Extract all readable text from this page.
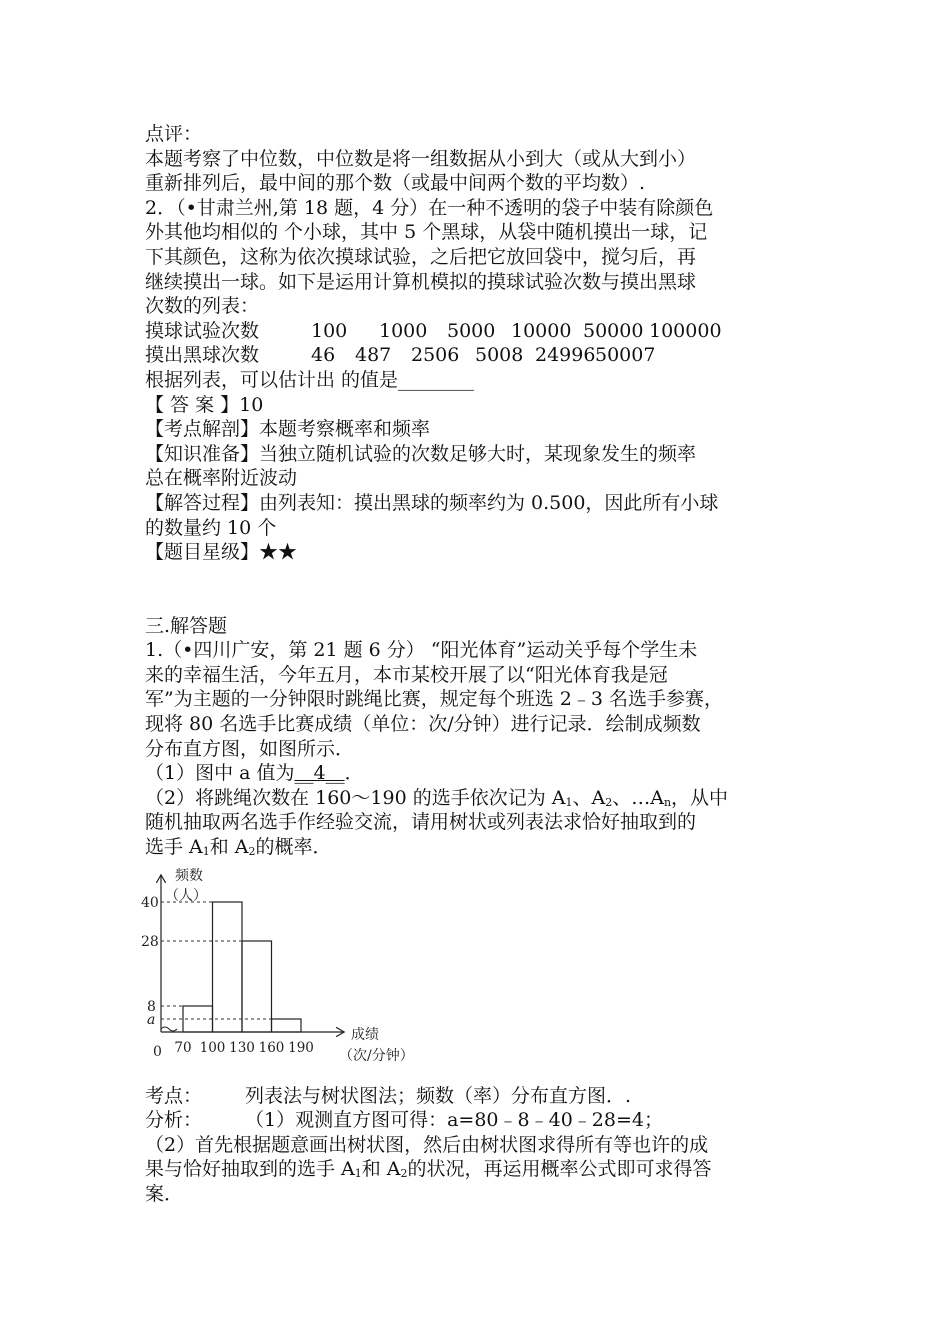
点评：
本题考察了中位数，中位数是将一组数据从小到大（或从大到小）
重新排列后，最中间的那个数（或最中间两个数的平均数）.
2．（•甘肃兰州,第 18 题，4 分）在一种不透明的袋子中装有除颜色
外其他均相似的 个小球，其中 5 个黑球，从袋中随机摸出一球，记
下其颜色，这称为依次摸球试验，之后把它放回袋中，搅匀后，再
继续摸出一球。如下是运用计算机模拟的摸球试验次数与摸出黑球
次数的列表：
摸球试验次数	100	1000	5000 10000 50000 100000
摸出黑球次数	46	487	2506 5008 24996 50007
根据列表，可以估计出 的值是________
【 答 案 】10
【考点解剖】本题考察概率和频率
【知识准备】当独立随机试验的次数足够大时，某现象发生的频率
总在概率附近波动
【解答过程】由列表知：摸出黑球的频率约为 0.500，因此所有小球
的数量约 10 个
【题目星级】★★
三.解答题
1.（•四川广安，第 21 题 6 分） “阳光体育”运动关乎每个学生未
来的幸福生活，今年五月，本市某校开展了以“阳光体育我是冠
军”为主题的一分钟限时跳绳比赛，规定每个班选 2﹣3 名选手参赛，
现将 80 名选手比赛成绩（单位：次/分钟）进行记录．绘制成频数
分布直方图，如图所示．
（1）图中 a 值为__4__．
（2）将跳绳次数在 160～190 的选手依次记为 $A_1$、$A_2$、$\dots A_n$，从中
随机抽取两名选手作经验交流，请用树状或列表法求恰好抽取到的
选手 $A_1$和 $A_2$的概率．
频数
（人）
成绩
（次/分钟）
0
a
8
28
40
70 100 130 160 190
考点：	列表法与树状图法；频数（率）分布直方图．.
分析：	（1）观测直方图可得：a=80﹣8﹣40﹣28=4；
（2）首先根据题意画出树状图，然后由树状图求得所有等也许的成
果与恰好抽取到的选手 $A_1$和 $A_2$的状况，再运用概率公式即可求得答
案．
